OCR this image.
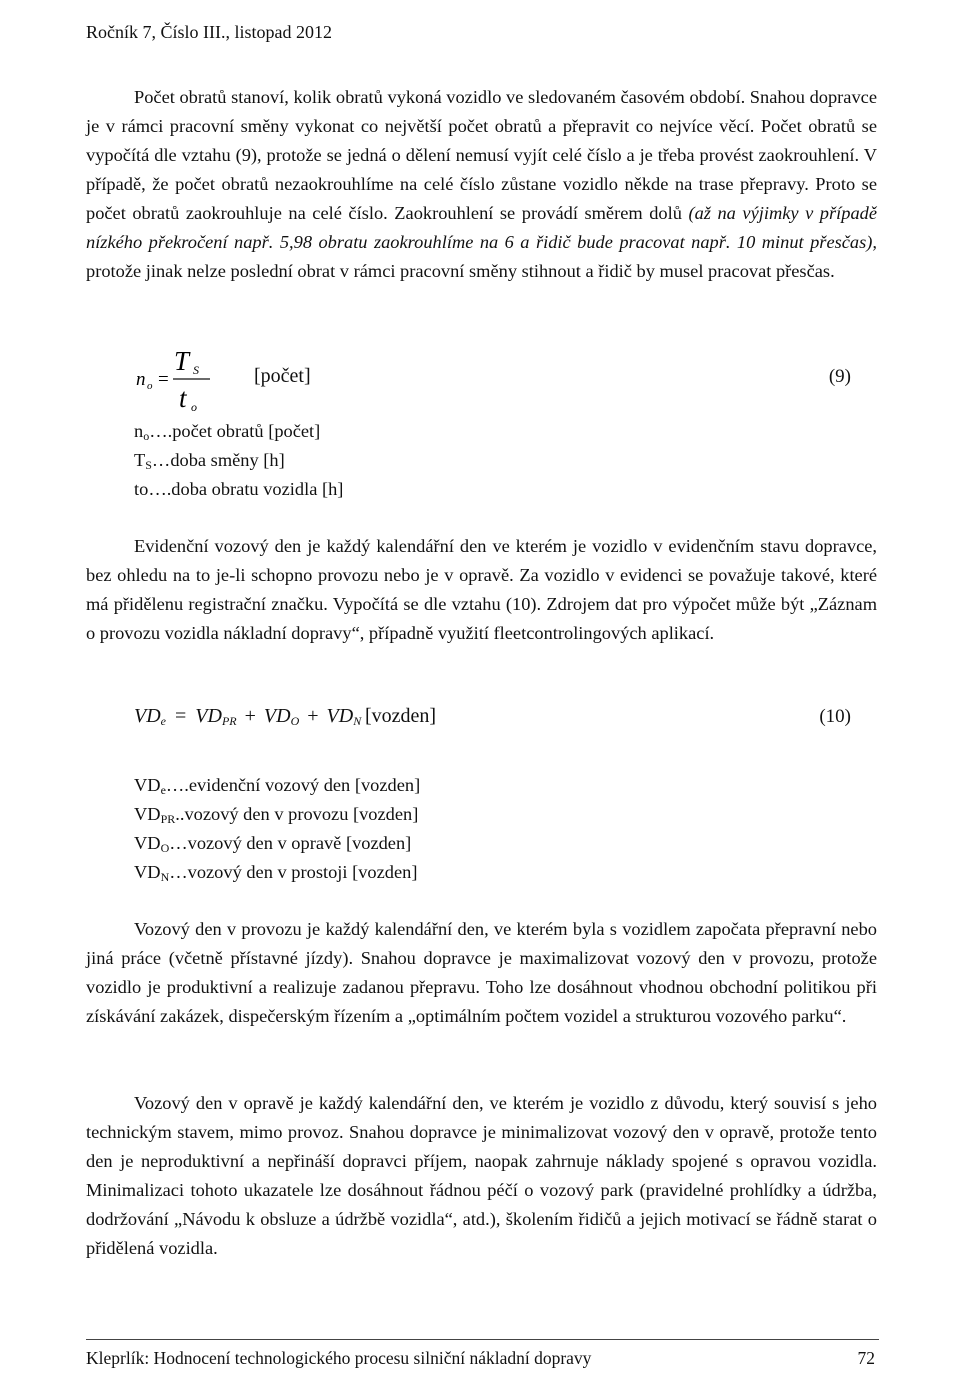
Ročník 7, Číslo III., listopad 2012

Počet obratů stanoví, kolik obratů vykoná vozidlo ve sledovaném časovém období. Snahou dopravce je v rámci pracovní směny vykonat co největší počet obratů a přepravit co nejvíce věcí. Počet obratů se vypočítá dle vztahu (9), protože se jedná o dělení nemusí vyjít celé číslo a je třeba provést zaokrouhlení. V případě, že počet obratů nezaokrouhlíme na celé číslo zůstane vozidlo někde na trase přepravy. Proto se počet obratů zaokrouhluje na celé číslo. Zaokrouhlení se provádí směrem dolů (až na výjimky v případě nízkého překročení např. 5,98 obratu zaokrouhlíme na 6 a řidič bude pracovat např. 10 minut přesčas), protože jinak nelze poslední obrat v rámci pracovní směny stihnout a řidič by musel pracovat přesčas.

n o =
T S
t o
[počet]	(9)
$n_o\dots.počet$ obratů [počet]
$T_S\dots doba$ směny [h]
to….doba obratu vozidla [h]

Evidenční vozový den je každý kalendářní den ve kterém je vozidlo v evidenčním stavu dopravce, bez ohledu na to je-li schopno provozu nebo je v opravě. Za vozidlo v evidenci se považuje takové, které má přidělenu registrační značku. Vypočítá se dle vztahu (10). Zdrojem dat pro výpočet může být „Záznam o provozu vozidla nákladní dopravy“, případně využití fleetcontrolingových aplikací.

$VD_e = VD_{PR} + VD_O + VD_N$ [vozden]	(10)
$VD_e\dots.evidenční$ vozový den [vozden]
$VD_{PR}..vozový$ den v provozu [vozden]
$VD_O\dots vozový$ den v opravě [vozden]
$VD_N\dots vozový$ den v prostoji [vozden]

Vozový den v provozu je každý kalendářní den, ve kterém byla s vozidlem započata přepravní nebo jiná práce (včetně přístavné jízdy). Snahou dopravce je maximalizovat vozový den v provozu, protože vozidlo je produktivní a realizuje zadanou přepravu. Toho lze dosáhnout vhodnou obchodní politikou při získávání zakázek, dispečerským řízením a „optimálním počtem vozidel a strukturou vozového parku“.

Vozový den v opravě je každý kalendářní den, ve kterém je vozidlo z důvodu, který souvisí s jeho technickým stavem, mimo provoz. Snahou dopravce je minimalizovat vozový den v opravě, protože tento den je neproduktivní a nepřináší dopravci příjem, naopak zahrnuje náklady spojené s opravou vozidla. Minimalizaci tohoto ukazatele lze dosáhnout řádnou péčí o vozový park (pravidelné prohlídky a údržba, dodržování „Návodu k obsluze a údržbě vozidla“, atd.), školením řidičů a jejich motivací se řádně starat o přidělená vozidla.

Kleprlík: Hodnocení technologického procesu silniční nákladní dopravy	72
